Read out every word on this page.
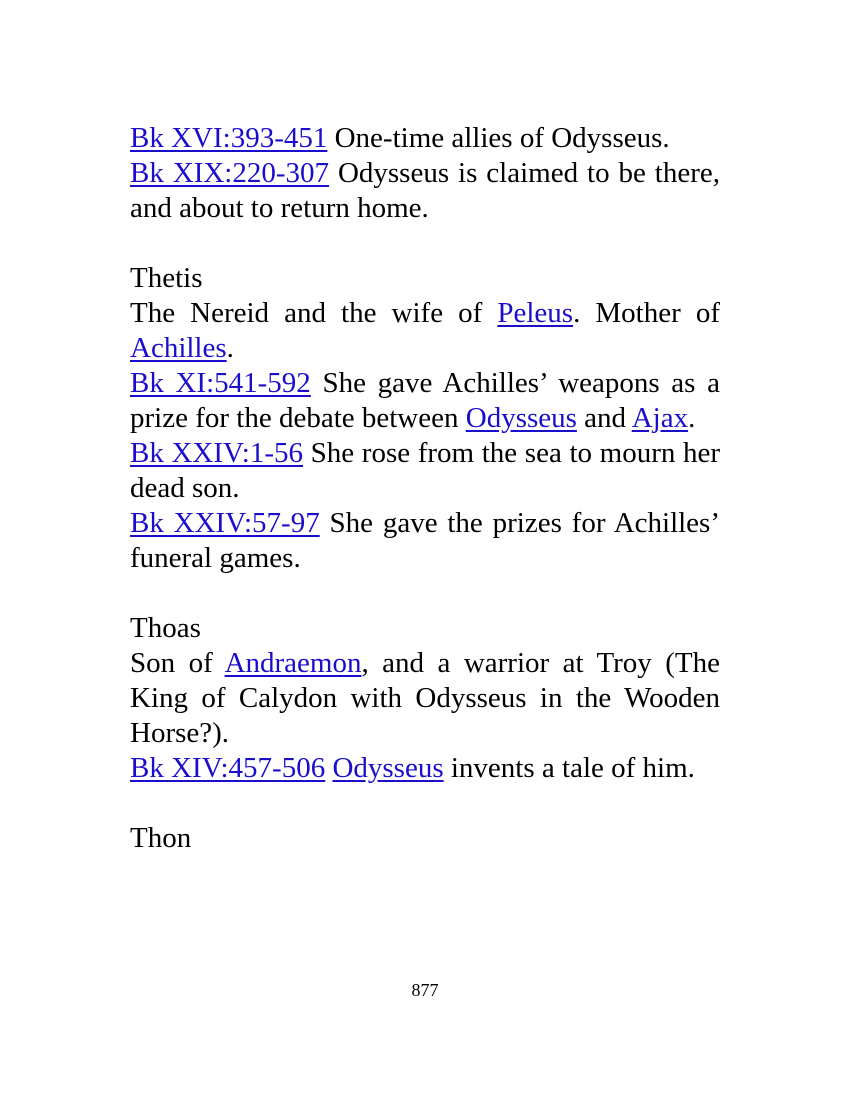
Bk XVI:393-451 One-time allies of Odysseus.
Bk XIX:220-307 Odysseus is claimed to be there, and about to return home.
Thetis
The Nereid and the wife of Peleus. Mother of Achilles.
Bk XI:541-592 She gave Achilles’ weapons as a prize for the debate between Odysseus and Ajax.
Bk XXIV:1-56 She rose from the sea to mourn her dead son.
Bk XXIV:57-97 She gave the prizes for Achilles’ funeral games.
Thoas
Son of Andraemon, and a warrior at Troy (The King of Calydon with Odysseus in the Wooden Horse?).
Bk XIV:457-506 Odysseus invents a tale of him.
Thon
877
